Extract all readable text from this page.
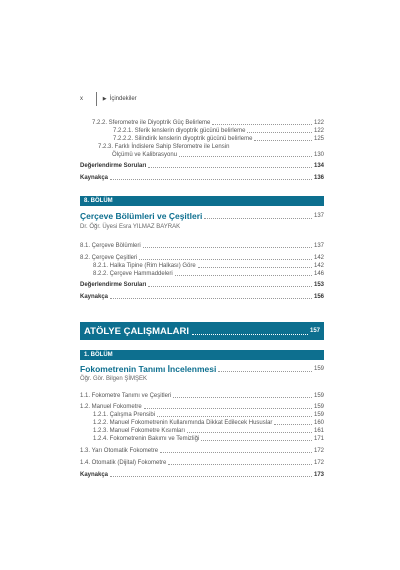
x	▶ İçindekiler
7.2.2. Sferometre ile Diyoptrik Güç Belirleme	122
7.2.2.1. Sferik lenslerin diyoptrik gücünü belirleme	122
7.2.2.2. Silindirik lenslerin diyoptrik gücünü belirleme	125
7.2.3. Farklı İndislere Sahip Sferometre ile Lensin
Ölçümü ve Kalibrasyonu	130
Değerlendirme Soruları	134
Kaynakça	136
8. BÖLÜM
Çerçeve Bölümleri ve Çeşitleri	137
Dr. Öğr. Üyesi Esra YILMAZ BAYRAK
8.1. Çerçeve Bölümleri	137
8.2. Çerçeve Çeşitleri	142
8.2.1. Halka Tipine (Rim Halkası) Göre	142
8.2.2. Çerçeve Hammaddeleri	146
Değerlendirme Soruları	153
Kaynakça	156
ATÖLYE ÇALIŞMALARI	157
1. BÖLÜM
Fokometrenin Tanımı İncelenmesi	159
Öğr. Gör. Bilgen ŞİMŞEK
1.1. Fokometre Tanımı ve Çeşitleri	159
1.2. Manuel Fokometre	159
1.2.1. Çalışma Prensibi	159
1.2.2. Manuel Fokometrenin Kullanımında Dikkat Edilecek Hususlar	160
1.2.3. Manuel Fokometre Kısımları	161
1.2.4. Fokometrenin Bakımı ve Temizliği	171
1.3. Yarı Otomatik Fokometre	172
1.4. Otomatik (Dijital) Fokometre	172
Kaynakça	173
